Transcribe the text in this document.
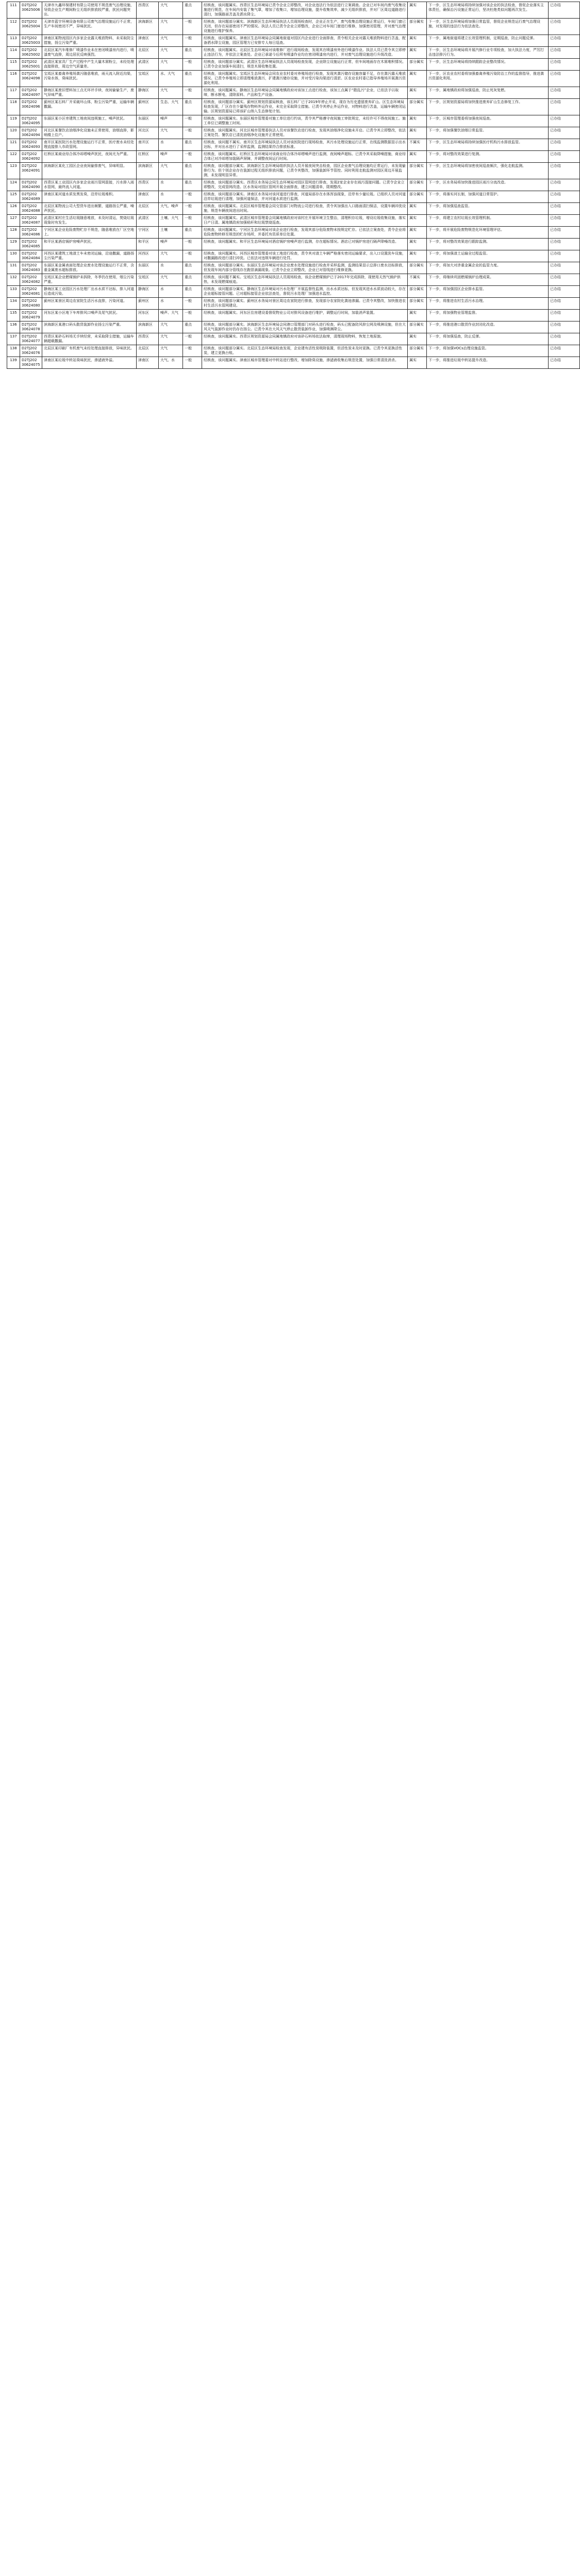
111	D2TJ202
30625006	天津市九鑫环保建材有限公司使用不规范废气治理设施，导致企业生产期间粉尘无组织排放较严重，扰民问题突出。	西青区	大气	重点	经核查，该问题属实。西青区生态环境局已责令企业立即整改，对企业违法行为依法进行立案调查。企业已对车间内废气收集设施进行规范，在车间内安装了集气罩，增加了收集口，增加治理设施，提升收集效率，减少无组织排放，并对厂区周边道路进行清扫，加强路面苫盖及洒水降尘。	属实	下一步，区生态环境局将持续加强对该企业的执法检查，督促企业落实主体责任，确保治污设施正常运行，坚决杜绝类似问题再次发生。	已办结
112	D2TJ202
30625004	天津市蓝宇环境设备有限公司废气治理设施运行不正常，生产车间密闭不严，异味扰民。	滨海新区	大气	一般	经核查，该问题部分属实。滨海新区生态环境局执法人员现场检查时，企业正在生产，废气收集治理设施正常运行，车间门窗已关闭，但存在局部密闭不严的情况。执法人员已责令企业立即整改，企业已对车间门窗进行维修，加强密闭管理，并对废气治理设施进行维护保养。	部分属实	下一步，区生态环境局将加强日常监管，督促企业规范运行废气治理设施，对发现的违法行为依法查处。	已办结
113	D2TJ202
30625003	津南区某物流园区内多家企业露天堆放物料，未采取防尘措施，扬尘污染严重。	津南区	大气	一般	经核查，该问题属实。津南区生态环境局会同属地街道对园区内企业进行全面排查，责令相关企业对露天堆放物料进行苫盖，配备洒水降尘设施，园区管理方已安排专人每日巡查。	属实	下一步，属地街道将建立长效管理机制，定期巡查，防止问题反弹。	已办结
114	D2TJ202
30625002	北辰区某汽车维修厂喷漆作业未在密闭喷漆房内进行，喷漆废气直排，周边居民反映强烈。	北辰区	大气	重点	经核查，该问题属实。北辰区生态环境局对该维修厂进行现场检查，发现其在喷漆房外进行喷漆作业。执法人员已责令其立即停止违法行为，并依法立案查处。企业已承诺今后所有喷漆作业均在密闭喷漆房内进行，并对废气治理设施进行升级改造。	属实	下一步，区生态环境局将开展汽修行业专项检查，加大执法力度，严厉打击违法排污行为。	已办结
115	D2TJ202
30625001	武清区某家具厂生产过程中产生大量木屑粉尘，未经处理直接排放，周边空气质量差。	武清区	大气	一般	经核查，该问题部分属实。武清区生态环境局执法人员现场检查发现，企业除尘设施运行正常，但车间地面存在木屑堆积情况。已责令企业加强车间清扫，规范木屑收集处置。	部分属实	下一步，区生态环境局将持续跟踪企业整改情况。	已办结
116	D2TJ202
30624098	宝坻区某畜禽养殖场粪污随意堆放，雨天流入附近沟渠，污染水体，臭味扰民。	宝坻区	水、大气	重点	经核查，该问题属实。宝坻区生态环境局会同农业农村委对养殖场进行检查，发现其粪污储存设施容量不足，存在粪污露天堆放情况。已责令养殖场立即清理堆放粪污，扩建粪污储存设施，并对受污染沟渠进行清淤。区农业农村委已指导养殖场开展粪污资源化利用。	属实	下一步，区农业农村委将加强畜禽养殖污染防治工作的监督指导，推进粪污资源化利用。	已办结
117	D2TJ202
30624097	静海区某废旧塑料加工点无环评手续，夜间偷偷生产，废气异味严重。	静海区	大气	一般	经核查，该问题属实。静海区生态环境局会同属地镇政府对该加工点进行检查，该加工点属于“散乱污”企业，已依法予以取缔，断水断电，清除原料、产品和生产设备。	属实	下一步，属地镇政府将加强巡查，防止死灰复燃。	已办结
118	D2TJ202
30624096	蓟州区某石料厂开采破坏山体，粉尘污染严重，运输车辆撒漏。	蓟州区	生态、大气	重点	经核查，该问题部分属实。蓟州区规划资源局核查，该石料厂已于2019年停止开采，现存为历史遗留废弃矿山。区生态环境局检查发现，厂区存在少量残存物料外运作业，未完全采取降尘措施。已责令其停止外运作业，对物料进行苫盖，运输车辆密闭运输。区规划资源局已将该矿山纳入生态修复计划。	部分属实	下一步，区规划资源局将加快推进废弃矿山生态修复工作。	已办结
119	D2TJ202
30624095	东丽区某小区旁建筑工地夜间违规施工，噪声扰民。	东丽区	噪声	一般	经核查，该问题属实。东丽区城市管理委对施工单位进行约谈，责令其严格遵守夜间施工审批规定，未经许可不得夜间施工。施工单位已调整施工时间。	属实	下一步，区城市管理委将加强夜间巡查。	已办结
120	D2TJ202
30624094	河北区某餐饮店油烟净化设施未正常使用，油烟直排，影响楼上住户。	河北区	大气	一般	经核查，该问题属实。河北区城市管理委执法人员对该餐饮店进行检查，发现其油烟净化设施未开启。已责令其立即整改，依法立案处罚。餐饮店已清洗油烟净化设施并正常使用。	属实	下一步，将加强餐饮油烟日常监管。	已办结
121	D2TJ202
30624093	南开区某医院污水处理设施运行不正常，医疗废水未经处理直接排入市政管网。	南开区	水	重点	经核查，该问题不属实。南开区生态环境局执法人员对该医院进行现场检查，其污水处理设施运行正常，在线监测数据显示出水达标，并对出水进行了采样监测，监测结果符合排放标准。	不属实	下一步，区生态环境局将持续加强医疗机构污水排放监管。	已办结
122	D2TJ202
30624092	红桥区某商业综合体冷却塔噪声扰民，夜间尤为严重。	红桥区	噪声	一般	经核查，该问题属实。红桥区生态环境局对该商业综合体冷却塔噪声进行监测，夜间噪声超标。已责令其采取降噪措施，商业综合体已对冷却塔加装隔声屏障，并调整夜间运行时间。	属实	下一步，将对整改效果进行复测。	已办结
123	D2TJ202
30624091	滨海新区某化工园区企业夜间偷排废气，异味明显。	滨海新区	大气	重点	经核查，该问题部分属实。滨海新区生态环境局组织执法人员开展夜间突击检查，园区企业废气治理设施均正常运行，未发现偷排行为。但个别企业存在装卸过程无组织排放问题，已责令其整改，加强装卸环节管控。同时利用走航监测对园区周边开展监测，未发现明显异常。	部分属实	下一步，区生态环境局将加密夜间巡查频次，强化走航监测。	已办结
124	D2TJ202
30624090	西青区某工业园区内多家企业雨污管网混接，污水排入雨水管网，最终流入河道。	西青区	水	重点	经核查，该问题部分属实。西青区水务局会同生态环境局对园区管网进行排查，发现2家企业存在雨污混接问题。已责令企业立即整改，完成管网改造。区水务局对园区管网开展全面排查，建立问题清单，限期整改。	部分属实	下一步，区水务局将加快推进园区雨污分流改造。	已办结
125	D2TJ202
30624089	津南区某河道水质发黑发臭，沿岸垃圾堆积。	津南区	水	一般	经核查，该问题部分属实。津南区水务局对该河道进行排查，河道局部存在水体浑浊现象，沿岸有少量垃圾。已组织人员对河道沿岸垃圾进行清理，加强河道保洁，并对河道水质进行监测。	部分属实	下一步，将落实河长制，加强河道日常管护。	已办结
126	D2TJ202
30624088	北辰区某物流公司大型货车进出频繁，道路扬尘严重，噪声扰民。	北辰区	大气、噪声	一般	经核查，该问题属实。北辰区城市管理委会同交管部门对物流公司进行检查，责令其加强出入口路面清扫保洁，设置车辆冲洗设施，规范车辆夜间进出时间。	属实	下一步，将加强巡查监管。	已办结
127	D2TJ202
30624087	武清区某村庄生活垃圾随意堆放，未及时清运，焚烧垃圾现象时有发生。	武清区	土壤、大气	一般	经核查，该问题属实。武清区城市管理委会同属地镇政府对该村庄开展环境卫生整治，清理积存垃圾，增设垃圾收集设施，落实日产日清。属地镇政府加强秸秆和垃圾禁烧巡查。	属实	下一步，将建立农村垃圾长效管理机制。	已办结
128	D2TJ202
30624086	宁河区某企业危险废物贮存不规范，随意堆放在厂区空地上。	宁河区	土壤	重点	经核查，该问题属实。宁河区生态环境局对该企业进行检查，发现其部分危险废物未按规定贮存。已依法立案查处，责令企业将危险废物转移至规范的贮存场所，并委托有资质单位处置。	属实	下一步，将开展危险废物规范化环境管理评估。	已办结
129	D2TJ202
30624085	和平区某酒店锅炉房噪声扰民。	和平区	噪声	一般	经核查，该问题属实。和平区生态环境局对酒店锅炉房噪声进行监测，存在超标情况。酒店已对锅炉房进行隔声降噪改造。	属实	下一步，将对整改效果进行跟踪监测。	已办结
130	D2TJ202
30624084	河西区某建筑工地渣土车未密闭运输，沿途撒漏，道路扬尘污染严重。	河西区	大气	一般	经核查，该问题属实。河西区城市管理委对该工地进行检查，责令其对渣土车辆严格落实密闭运输要求，出入口设置洗车设施，对撒漏路段进行清扫冲洗。已依法对违规车辆进行处罚。	属实	下一步，将加强渣土运输全过程监管。	已办结
131	D2TJ202
30624083	东丽区某金属表面处理企业废水处理设施运行不正常，含重金属废水超标排放。	东丽区	水	重点	经核查，该问题部分属实。东丽区生态环境局对该企业废水处理设施进行检查并采样监测，监测结果显示总排口废水达标排放，但发现车间内部分管线存在跑冒滴漏现象。已责令企业立即整改，企业已对管线进行维修更换。	部分属实	下一步，将加大对涉重金属企业的监管力度。	已办结
132	D2TJ202
30624082	宝坻区某企业燃煤锅炉未拆除，冬季仍在使用，烟尘污染严重。	宝坻区	大气	重点	经核查，该问题不属实。宝坻区生态环境局执法人员现场检查，该企业燃煤锅炉已于2017年完成拆除，现使用天然气锅炉供热，未发现燃煤痕迹。	不属实	下一步，将继续巩固燃煤锅炉治理成果。	已办结
133	D2TJ202
30624081	静海区某工业园区污水处理厂出水水质不达标，排入河道后造成污染。	静海区	水	重点	经核查，该问题部分属实。静海区生态环境局对污水处理厂开展监督性监测，出水水质达标，但发现其进水水质波动较大，存在企业超标接管问题。已对超标接管企业依法查处，督促污水处理厂加强进水监控。	部分属实	下一步，将加强园区企业排水监管。	已办结
134	D2TJ202
30624080	蓟州区某景区周边农家院生活污水直排，污染河道。	蓟州区	水	一般	经核查，该问题部分属实。蓟州区水务局对景区周边农家院进行排查，发现部分农家院化粪池渗漏。已责令其整改，加快推进农村生活污水管网建设。	部分属实	下一步，将推进农村生活污水治理。	已办结
135	D2TJ202
30624079	河东区某小区地下车库排风口噪声及尾气扰民。	河东区	噪声、大气	一般	经核查，该问题属实。河东区住房建设委督促物业公司对排风设备进行维护，调整运行时间，加装消声装置。	属实	下一步，将加强物业管理监督。	已办结
136	D2TJ202
30624078	滨海新区某港口码头散货装卸作业扬尘污染严重。	滨海新区	大气	重点	经核查，该问题部分属实。滨海新区生态环境局会同港口管理部门对码头进行检查，码头已配备防风抑尘网及喷淋设施，但在大风天气装卸作业时仍存在扬尘。已责令其在大风天气停止散货装卸作业，加强喷淋降尘。	部分属实	下一步，将推进港口散货作业封闭化改造。	已办结
137	D2TJ202
30624077	西青区某砂石料场无手续经营，未采取降尘措施，运输车辆超载撒漏。	西青区	大气	一般	经核查，该问题属实。西青区规划资源局会同属地镇政府对该砂石料场依法取缔，清理现场物料，恢复土地原貌。	属实	下一步，将加强巡查，防止反弹。	已办结
138	D2TJ202
30624076	北辰区某印刷厂有机废气未经处理直接排放，异味扰民。	北辰区	大气	一般	经核查，该问题部分属实。北辰区生态环境局检查发现，企业建有活性炭吸附装置，但活性炭未及时更换。已责令其更换活性炭，建立更换台账。	部分属实	下一步，将加强VOCs治理设施监管。	已办结
139	D2TJ202
30624075	津南区某垃圾中转站臭味扰民，渗滤液外溢。	津南区	大气、水	一般	经核查，该问题属实。津南区城市管理委对中转站进行整改，增加除臭设施，渗滤液收集后规范处置，加强日常清洗消杀。	属实	下一步，将推进垃圾中转站提升改造。	已办结
